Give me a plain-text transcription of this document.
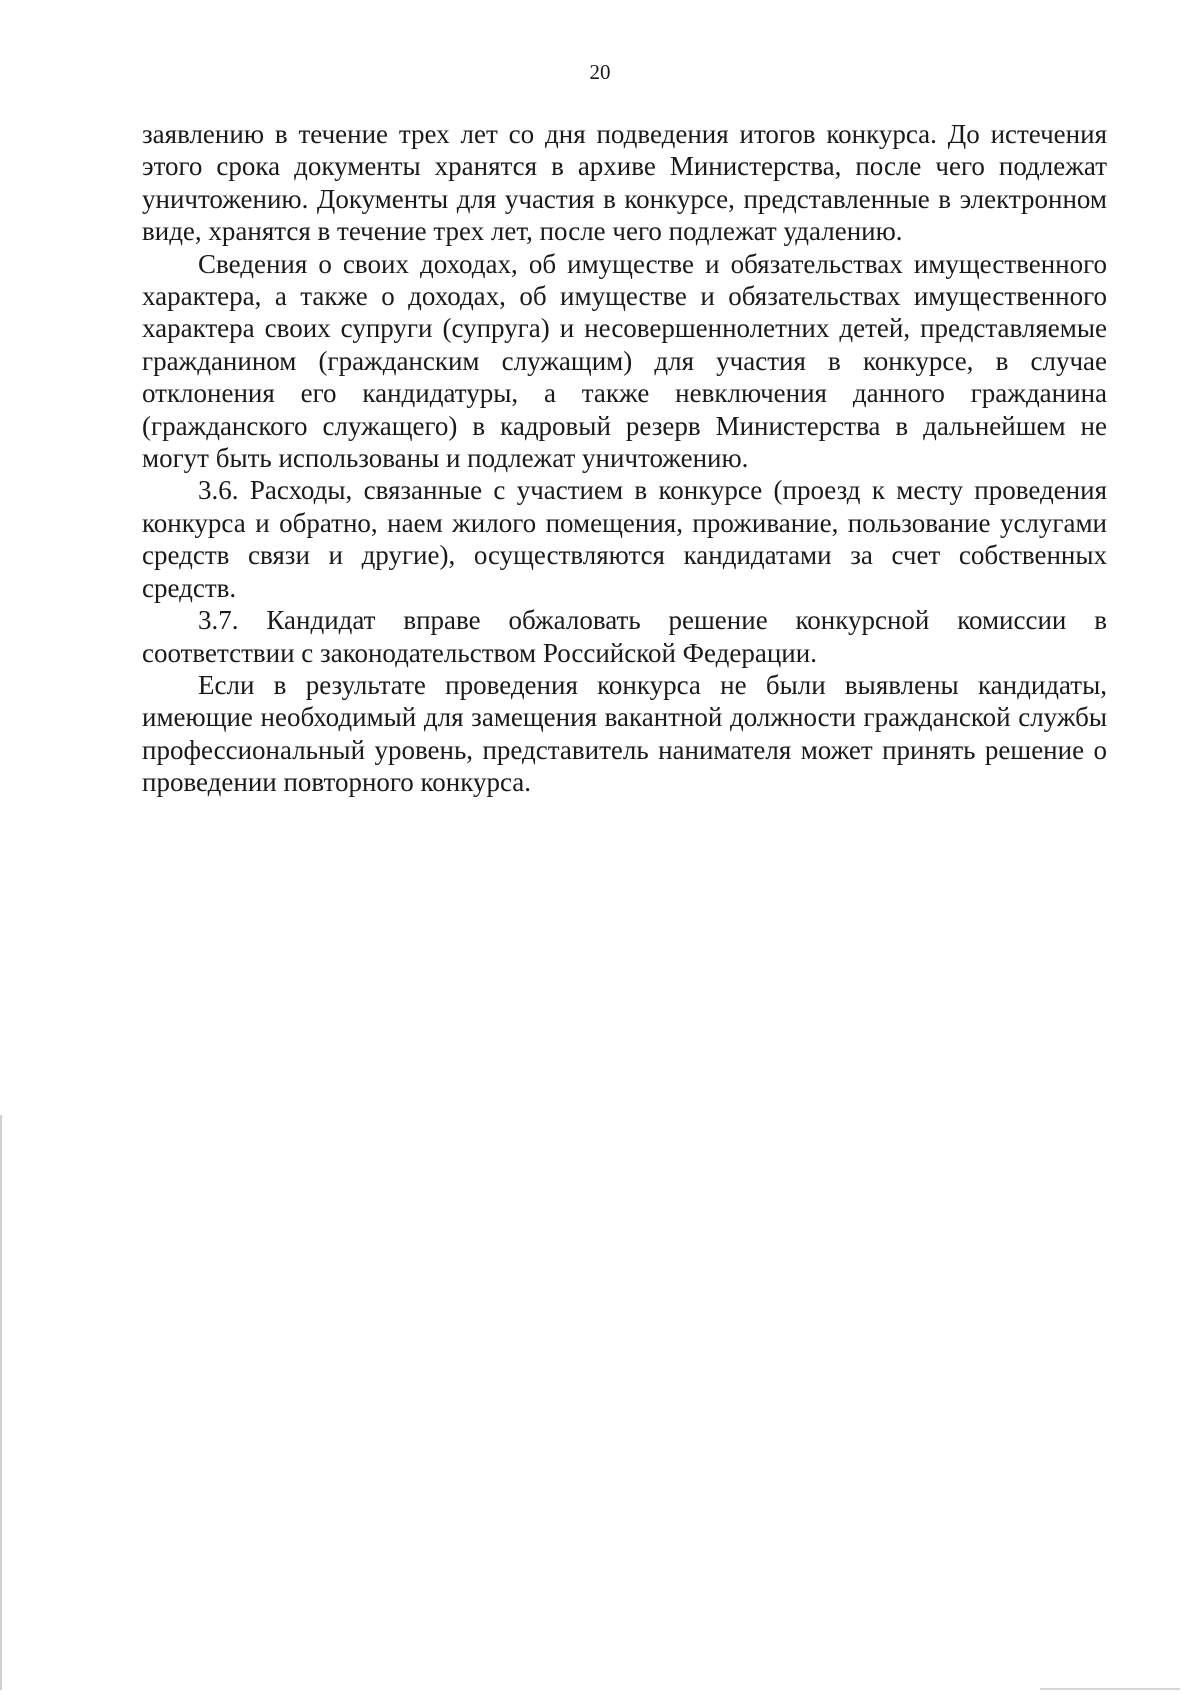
20

заявлению в течение трех лет со дня подведения итогов конкурса. До истечения этого срока документы хранятся в архиве Министерства, после чего подлежат уничтожению. Документы для участия в конкурсе, представленные в электронном виде, хранятся в течение трех лет, после чего подлежат удалению.

Сведения о своих доходах, об имуществе и обязательствах имущественного характера, а также о доходах, об имуществе и обязательствах имущественного характера своих супруги (супруга) и несовершеннолетних детей, представляемые гражданином (гражданским служащим) для участия в конкурсе, в случае отклонения его кандидатуры, а также невключения данного гражданина (гражданского служащего) в кадровый резерв Министерства в дальнейшем не могут быть использованы и подлежат уничтожению.

3.6. Расходы, связанные с участием в конкурсе (проезд к месту проведения конкурса и обратно, наем жилого помещения, проживание, пользование услугами средств связи и другие), осуществляются кандидатами за счет собственных средств.

3.7. Кандидат вправе обжаловать решение конкурсной комиссии в соответствии с законодательством Российской Федерации.

Если в результате проведения конкурса не были выявлены кандидаты, имеющие необходимый для замещения вакантной должности гражданской службы профессиональный уровень, представитель нанимателя может принять решение о проведении повторного конкурса.
